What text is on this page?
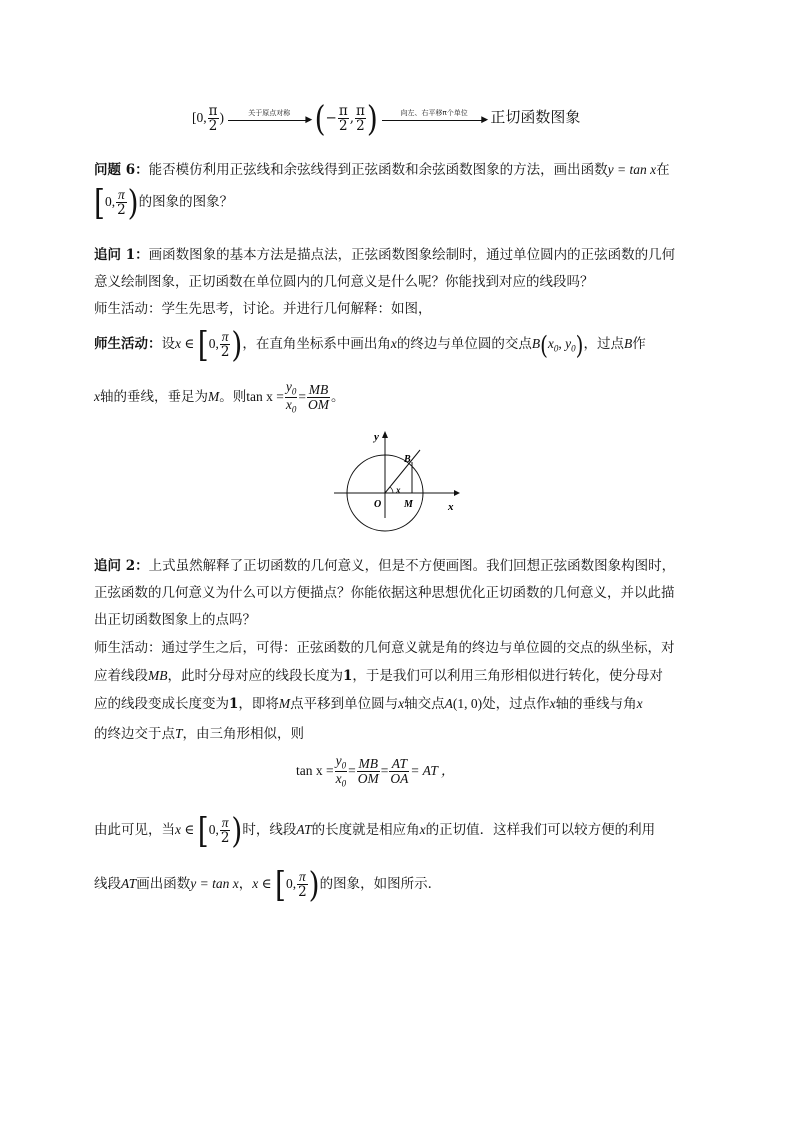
[0, $\frac{\pi}{2}$ )	关于原点对称
▶ (− $\frac{\pi}{2}$ , $\frac{\pi}{2}$ )	向左、右平移π个单位
▶ 正切函数图象
问题 6：能否模仿利用正弦线和余弦线得到正弦函数和余弦函数图象的方法，画出函数y = tan x在
[0, $\frac{\pi}{2}$ )的图象的图象？
追问 1：画函数图象的基本方法是描点法，正弦函数图象绘制时，通过单位圆内的正弦函数的几何
意义绘制图象，正切函数在单位圆内的几何意义是什么呢？你能找到对应的线段吗？
师生活动：学生先思考，讨论。并进行几何解释：如图，
师生活动：设x ∈ [0, $\frac{\pi}{2}$ )，在直角坐标系中画出角x的终边与单位圆的交点$B(x_0$, $y_0$)，过点B作
x轴的垂线，垂足为M。则$\tan x = \frac{y_0}{x_0} = \frac{MB}{OM}$ 。
y
x
B
O M
x
追问 2：上式虽然解释了正切函数的几何意义，但是不方便画图。我们回想正弦函数图象构图时，
正弦函数的几何意义为什么可以方便描点？你能依据这种思想优化正切函数的几何意义，并以此描
出正切函数图象上的点吗？
师生活动：通过学生之后，可得：正弦函数的几何意义就是角的终边与单位圆的交点的纵坐标，对
应着线段MB，此时分母对应的线段长度为1，于是我们可以利用三角形相似进行转化，使分母对
应的线段变成长度变为1，即将M点平移到单位圆与x轴交点A(1, 0)处，过点作x轴的垂线与角x
的终边交于点T，由三角形相似，则
$\tan x = \frac{y_0}{x_0} = \frac{MB}{OM} = \frac{AT}{OA}$ = AT ，
由此可见，当x ∈ [0, $\frac{\pi}{2}$ )时，线段AT的长度就是相应角x的正切值．这样我们可以较方便的利用
线段AT画出函数y = tan x，x ∈ [0, $\frac{\pi}{2}$ )的图象，如图所示．
